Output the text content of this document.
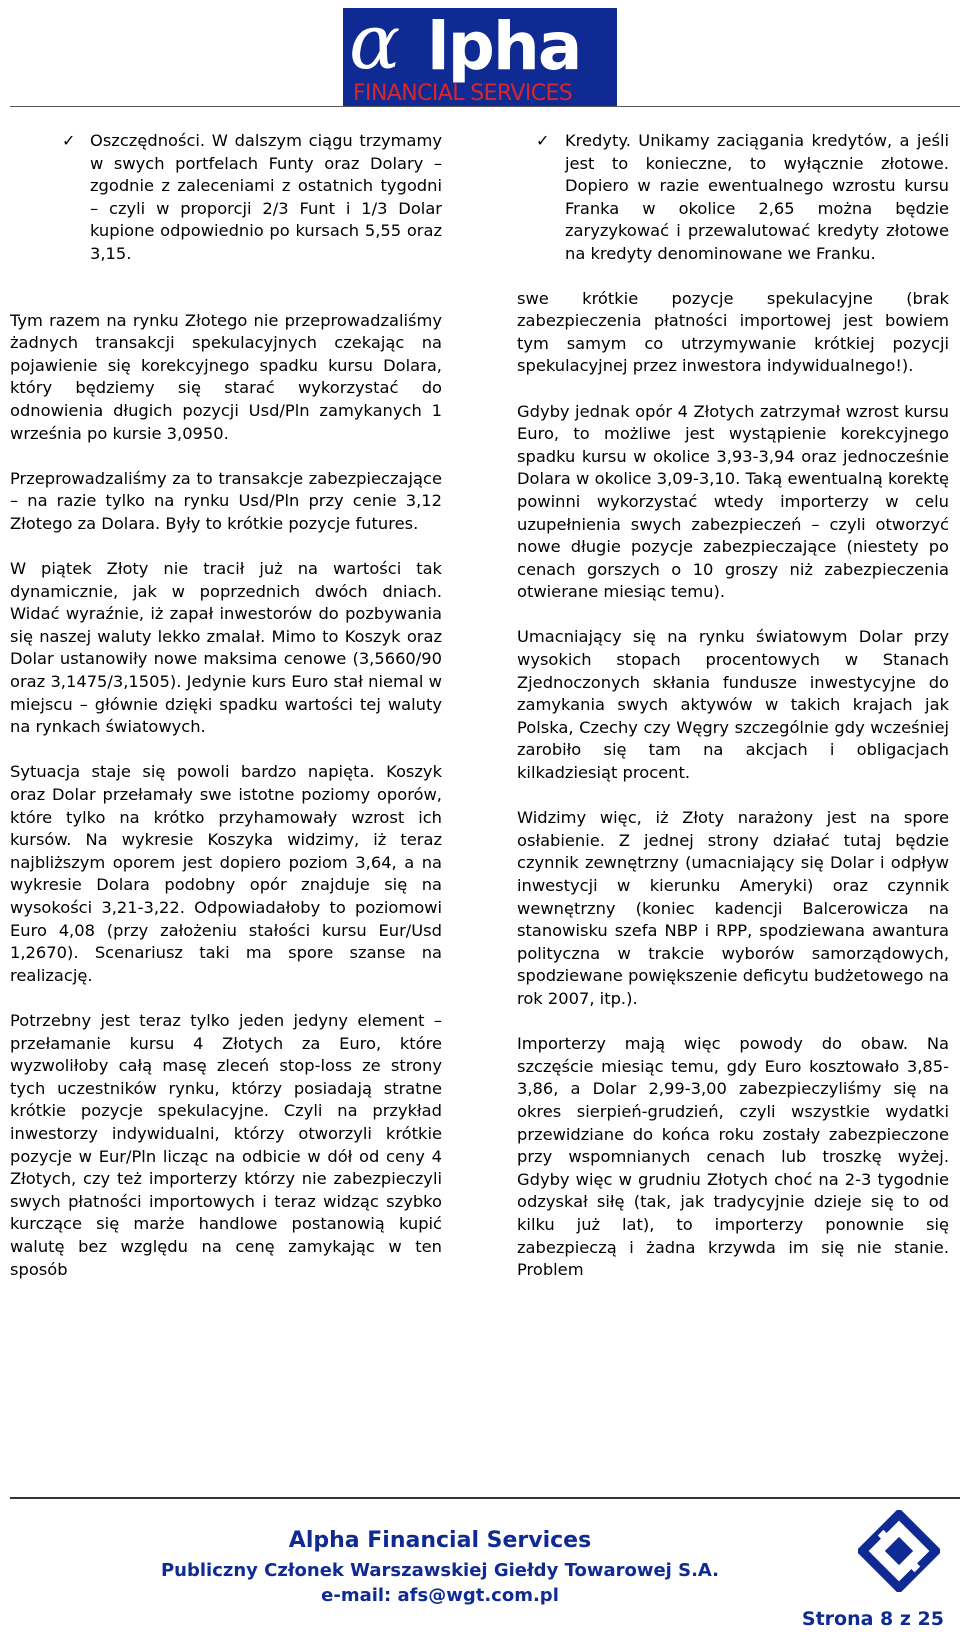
α lpha
FINANCIAL SERVICES
✓ Oszczędności. W dalszym ciągu trzymamy w swych portfelach Funty oraz Dolary – zgodnie z zaleceniami z ostatnich tygodni – czyli w proporcji 2/3 Funt i 1/3 Dolar kupione odpowiednio po kursach 5,55 oraz 3,15.

Tym razem na rynku Złotego nie przeprowadzaliśmy żadnych transakcji spekulacyjnych czekając na pojawienie się korekcyjnego spadku kursu Dolara, który będziemy się starać wykorzystać do odnowienia długich pozycji Usd/Pln zamykanych 1 września po kursie 3,0950.

Przeprowadzaliśmy za to transakcje zabezpieczające – na razie tylko na rynku Usd/Pln przy cenie 3,12 Złotego za Dolara. Były to krótkie pozycje futures.

W piątek Złoty nie tracił już na wartości tak dynamicznie, jak w poprzednich dwóch dniach. Widać wyraźnie, iż zapał inwestorów do pozbywania się naszej waluty lekko zmalał. Mimo to Koszyk oraz Dolar ustanowiły nowe maksima cenowe (3,5660/90 oraz 3,1475/3,1505). Jedynie kurs Euro stał niemal w miejscu – głównie dzięki spadku wartości tej waluty na rynkach światowych.

Sytuacja staje się powoli bardzo napięta. Koszyk oraz Dolar przełamały swe istotne poziomy oporów, które tylko na krótko przyhamowały wzrost ich kursów. Na wykresie Koszyka widzimy, iż teraz najbliższym oporem jest dopiero poziom 3,64, a na wykresie Dolara podobny opór znajduje się na wysokości 3,21-3,22. Odpowiadałoby to poziomowi Euro 4,08 (przy założeniu stałości kursu Eur/Usd 1,2670). Scenariusz taki ma spore szanse na realizację.

Potrzebny jest teraz tylko jeden jedyny element – przełamanie kursu 4 Złotych za Euro, które wyzwoliłoby całą masę zleceń stop-loss ze strony tych uczestników rynku, którzy posiadają stratne krótkie pozycje spekulacyjne. Czyli na przykład inwestorzy indywidualni, którzy otworzyli krótkie pozycje w Eur/Pln licząc na odbicie w dół od ceny 4 Złotych, czy też importerzy którzy nie zabezpieczyli swych płatności importowych i teraz widząc szybko kurczące się marże handlowe postanowią kupić walutę bez względu na cenę zamykając w ten sposób

✓ Kredyty. Unikamy zaciągania kredytów, a jeśli jest to konieczne, to wyłącznie złotowe. Dopiero w razie ewentualnego wzrostu kursu Franka w okolice 2,65 można będzie zaryzykować i przewalutować kredyty złotowe na kredyty denominowane we Franku.

swe krótkie pozycje spekulacyjne (brak zabezpieczenia płatności importowej jest bowiem tym samym co utrzymywanie krótkiej pozycji spekulacyjnej przez inwestora indywidualnego!).

Gdyby jednak opór 4 Złotych zatrzymał wzrost kursu Euro, to możliwe jest wystąpienie korekcyjnego spadku kursu w okolice 3,93-3,94 oraz jednocześnie Dolara w okolice 3,09-3,10. Taką ewentualną korektę powinni wykorzystać wtedy importerzy w celu uzupełnienia swych zabezpieczeń – czyli otworzyć nowe długie pozycje zabezpieczające (niestety po cenach gorszych o 10 groszy niż zabezpieczenia otwierane miesiąc temu).

Umacniający się na rynku światowym Dolar przy wysokich stopach procentowych w Stanach Zjednoczonych skłania fundusze inwestycyjne do zamykania swych aktywów w takich krajach jak Polska, Czechy czy Węgry szczególnie gdy wcześniej zarobiło się tam na akcjach i obligacjach kilkadziesiąt procent.

Widzimy więc, iż Złoty narażony jest na spore osłabienie. Z jednej strony działać tutaj będzie czynnik zewnętrzny (umacniający się Dolar i odpływ inwestycji w kierunku Ameryki) oraz czynnik wewnętrzny (koniec kadencji Balcerowicza na stanowisku szefa NBP i RPP, spodziewana awantura polityczna w trakcie wyborów samorządowych, spodziewane powiększenie deficytu budżetowego na rok 2007, itp.).

Importerzy mają więc powody do obaw. Na szczęście miesiąc temu, gdy Euro kosztowało 3,85-3,86, a Dolar 2,99-3,00 zabezpieczyliśmy się na okres sierpień-grudzień, czyli wszystkie wydatki przewidziane do końca roku zostały zabezpieczone przy wspomnianych cenach lub troszkę wyżej. Gdyby więc w grudniu Złotych choć na 2-3 tygodnie odzyskał siłę (tak, jak tradycyjnie dzieje się to od kilku już lat), to importerzy ponownie się zabezpieczą i żadna krzywda im się nie stanie. Problem

Alpha Financial Services
Publiczny Członek Warszawskiej Giełdy Towarowej S.A.
e-mail: afs@wgt.com.pl
Strona 8 z 25
